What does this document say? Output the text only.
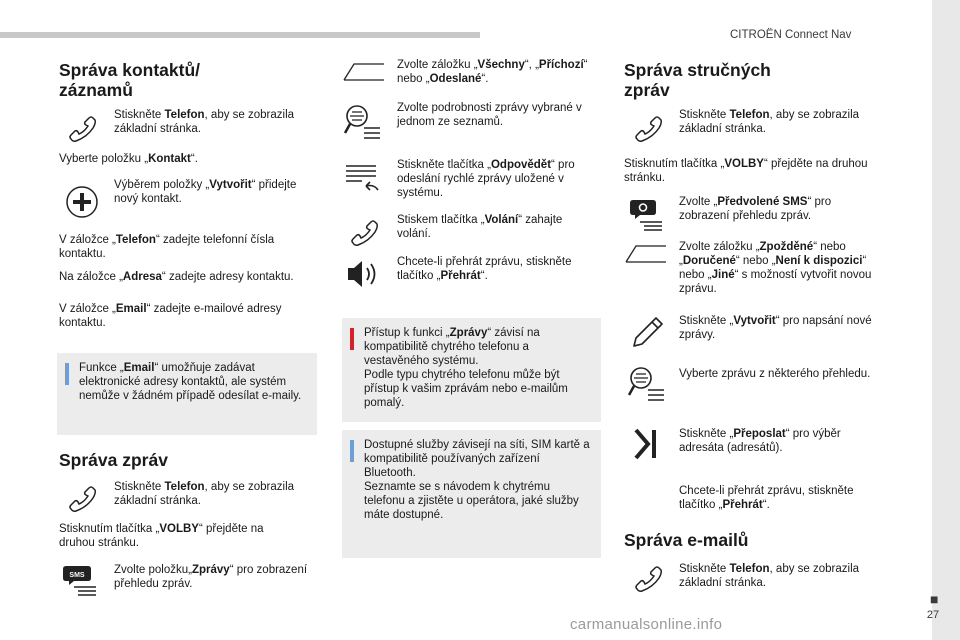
CITROËN Connect Nav
■
27
Správa kontaktů/
záznamů
Stiskněte Telefon, aby se zobrazila základní stránka.
Vyberte položku „Kontakt“.
Výběrem položky „Vytvořit“ přidejte nový kontakt.
V záložce „Telefon“ zadejte telefonní čísla kontaktu.
Na záložce „Adresa“ zadejte adresy kontaktu.
V záložce „Email“ zadejte e-mailové adresy kontaktu.
Funkce „Email“ umožňuje zadávat elektronické adresy kontaktů, ale systém nemůže v žádném případě odesílat e-maily.
Správa zpráv
Stiskněte Telefon, aby se zobrazila základní stránka.
Stisknutím tlačítka „VOLBY“ přejděte na druhou stránku.
SMS	Zvolte položku„Zprávy“ pro zobrazení přehledu zpráv.
Zvolte záložku „Všechny“, „Příchozí“ nebo „Odeslané“.
Zvolte podrobnosti zprávy vybrané v jednom ze seznamů.
Stiskněte tlačítka „Odpovědět“ pro odeslání rychlé zprávy uložené v systému.
Stiskem tlačítka „Volání“ zahajte volání.
Chcete-li přehrát zprávu, stiskněte tlačítko „Přehrát“.
Přístup k funkci „Zprávy“ závisí na kompatibilitě chytrého telefonu a vestavěného systému.
Podle typu chytrého telefonu může být přístup k vašim zprávám nebo e-mailům pomalý.
Dostupné služby závisejí na síti, SIM kartě a kompatibilitě používaných zařízení Bluetooth.
Seznamte se s návodem k chytrému telefonu a zjistěte u operátora, jaké služby máte dostupné.
Správa stručných
zpráv
Stiskněte Telefon, aby se zobrazila základní stránka.
Stisknutím tlačítka „VOLBY“ přejděte na druhou stránku.
Zvolte „Předvolené SMS“ pro zobrazení přehledu zpráv.
Zvolte záložku „Zpožděné“ nebo „Doručené“ nebo „Není k dispozici“ nebo „Jiné“ s možností vytvořit novou zprávu.
Stiskněte „Vytvořit“ pro napsání nové zprávy.
Vyberte zprávu z některého přehledu.
Stiskněte „Přeposlat“ pro výběr adresáta (adresátů).
Chcete-li přehrát zprávu, stiskněte tlačítko „Přehrát“.
Správa e-mailů
Stiskněte Telefon, aby se zobrazila základní stránka.
carmanualsonline.info
